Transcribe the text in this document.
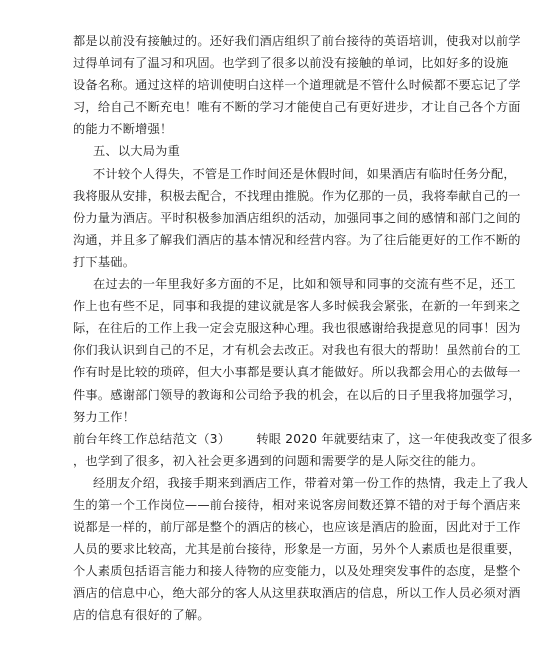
都是以前没有接触过的。还好我们酒店组织了前台接待的英语培训，使我对以前学
过得单词有了温习和巩固。也学到了很多以前没有接触的单词，比如好多的设施
设备名称。通过这样的培训使明白这样一个道理就是不管什么时候都不要忘记了学
习，给自己不断充电！唯有不断的学习才能使自己有更好进步，才让自己各个方面
的能力不断增强！
五、以大局为重
不计较个人得失，不管是工作时间还是休假时间，如果酒店有临时任务分配，
我将服从安排，积极去配合，不找理由推脱。作为亿那的一员，我将奉献自己的一
份力量为酒店。平时积极参加酒店组织的活动，加强同事之间的感情和部门之间的
沟通，并且多了解我们酒店的基本情况和经营内容。为了往后能更好的工作不断的
打下基础。
在过去的一年里我好多方面的不足，比如和领导和同事的交流有些不足，还工
作上也有些不足，同事和我提的建议就是客人多时候我会紧张，在新的一年到来之
际，在往后的工作上我一定会克服这种心理。我也很感谢给我提意见的同事！因为
你们我认识到自己的不足，才有机会去改正。对我也有很大的帮助！虽然前台的工
作有时是比较的琐碎，但大小事都是要认真才能做好。所以我都会用心的去做每一
件事。感谢部门领导的教诲和公司给予我的机会，在以后的日子里我将加强学习，
努力工作！
前台年终工作总结范文（3） 转眼 2020 年就要结束了，这一年使我改变了很多
，也学到了很多，初入社会更多遇到的问题和需要学的是人际交往的能力。
经朋友介绍，我接手期来到酒店工作，带着对第一份工作的热情，我走上了我人
生的第一个工作岗位——前台接待，相对来说客房间数还算不错的对于每个酒店来
说都是一样的，前厅部是整个的酒店的核心，也应该是酒店的脸面，因此对于工作
人员的要求比较高，尤其是前台接待，形象是一方面，另外个人素质也是很重要，
个人素质包括语言能力和接人待物的应变能力，以及处理突发事件的态度，是整个
酒店的信息中心，绝大部分的客人从这里获取酒店的信息，所以工作人员必须对酒
店的信息有很好的了解。
